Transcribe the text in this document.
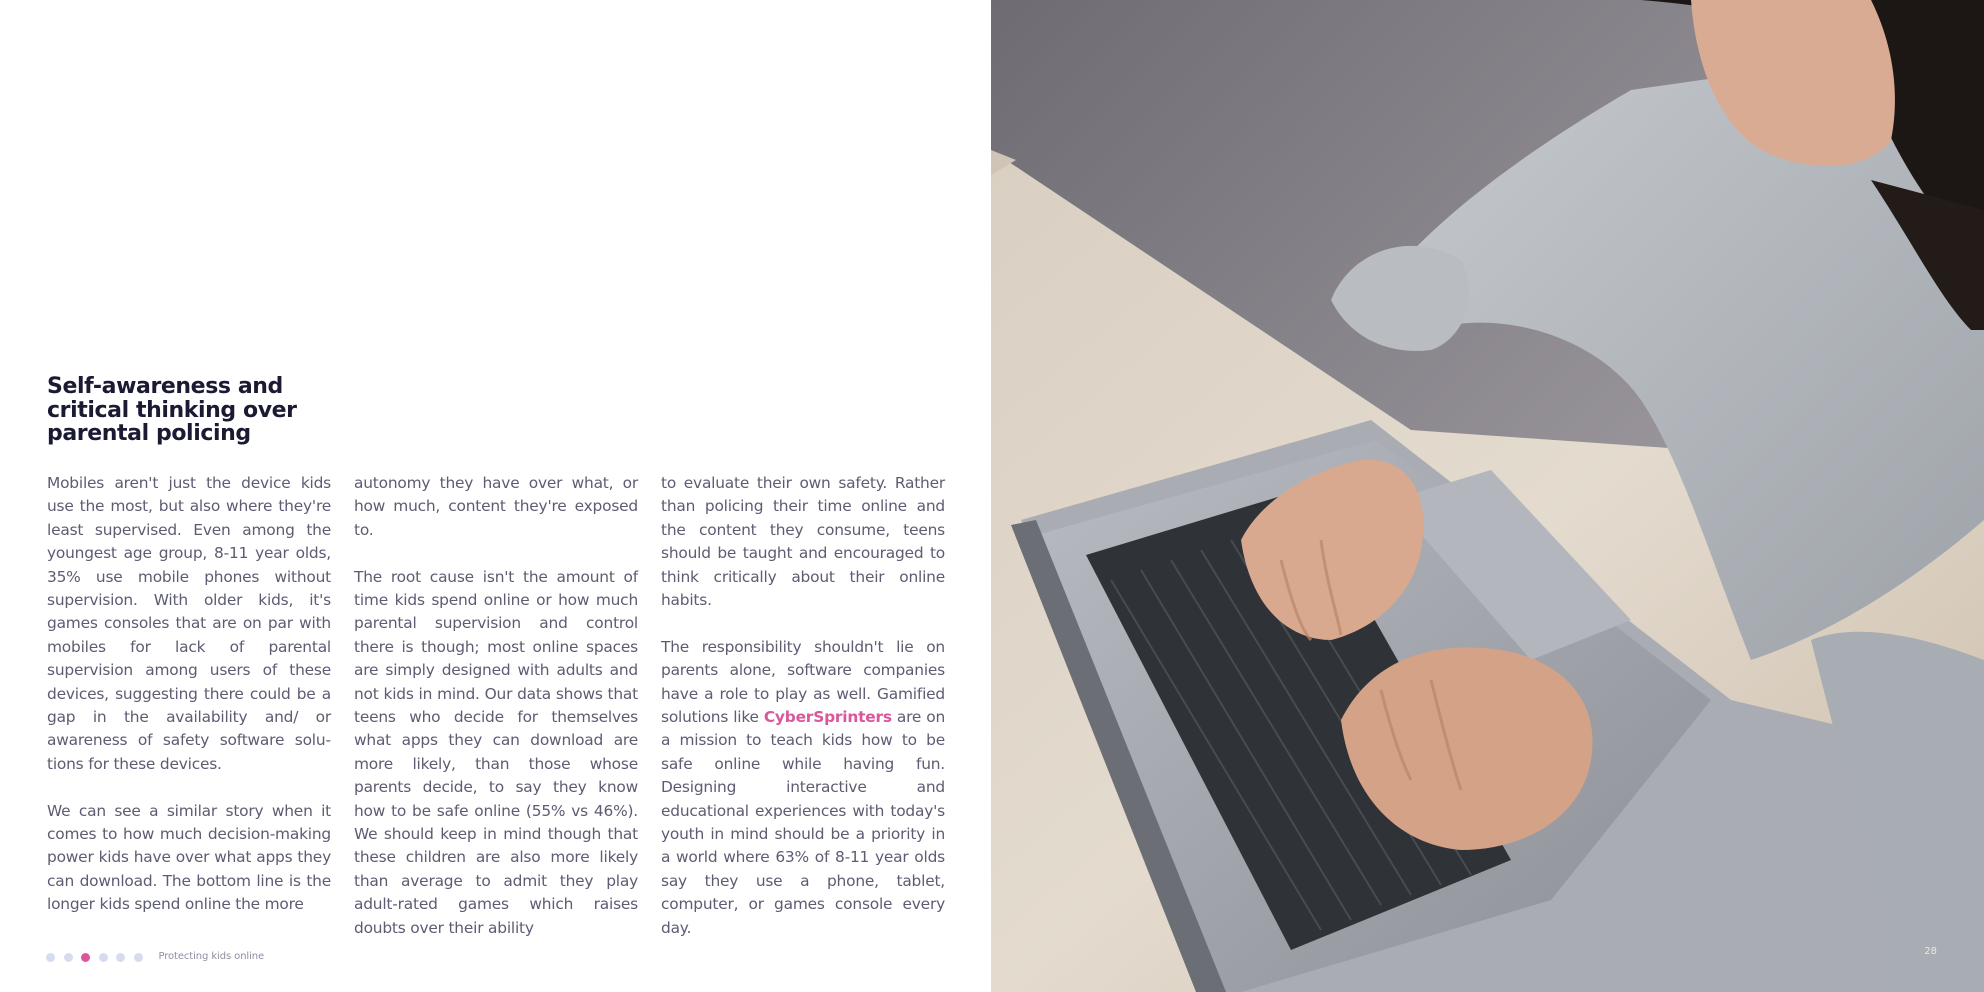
Self-awareness and critical thinking over parental policing

Mobiles aren't just the device kids use the most, but also where they're least supervised. Even among the youngest age group, 8-11 year olds, 35% use mobile phones without supervision. With older kids, it's games consoles that are on par with mobiles for lack of parental supervision among users of these devices, suggesting there could be a gap in the availability and/ or awareness of safety software solutions for these devices.

We can see a similar story when it comes to how much decision-making power kids have over what apps they can download. The bottom line is the longer kids spend online the more

autonomy they have over what, or how much, content they're exposed to.

The root cause isn't the amount of time kids spend online or how much parental supervision and control there is though; most online spaces are simply designed with adults and not kids in mind. Our data shows that teens who decide for themselves what apps they can download are more likely, than those whose parents decide, to say they know how to be safe online (55% vs 46%). We should keep in mind though that these children are also more likely than average to admit they play adult-rated games which raises doubts over their ability

to evaluate their own safety. Rather than policing their time online and the content they consume, teens should be taught and encouraged to think critically about their online habits.

The responsibility shouldn't lie on parents alone, software companies have a role to play as well. Gamified solutions like CyberSprinters are on a mission to teach kids how to be safe online while having fun. Designing interactive and educational experiences with today's youth in mind should be a priority in a world where 63% of 8-11 year olds say they use a phone, tablet, computer, or games console every day.

Protecting kids online	28
